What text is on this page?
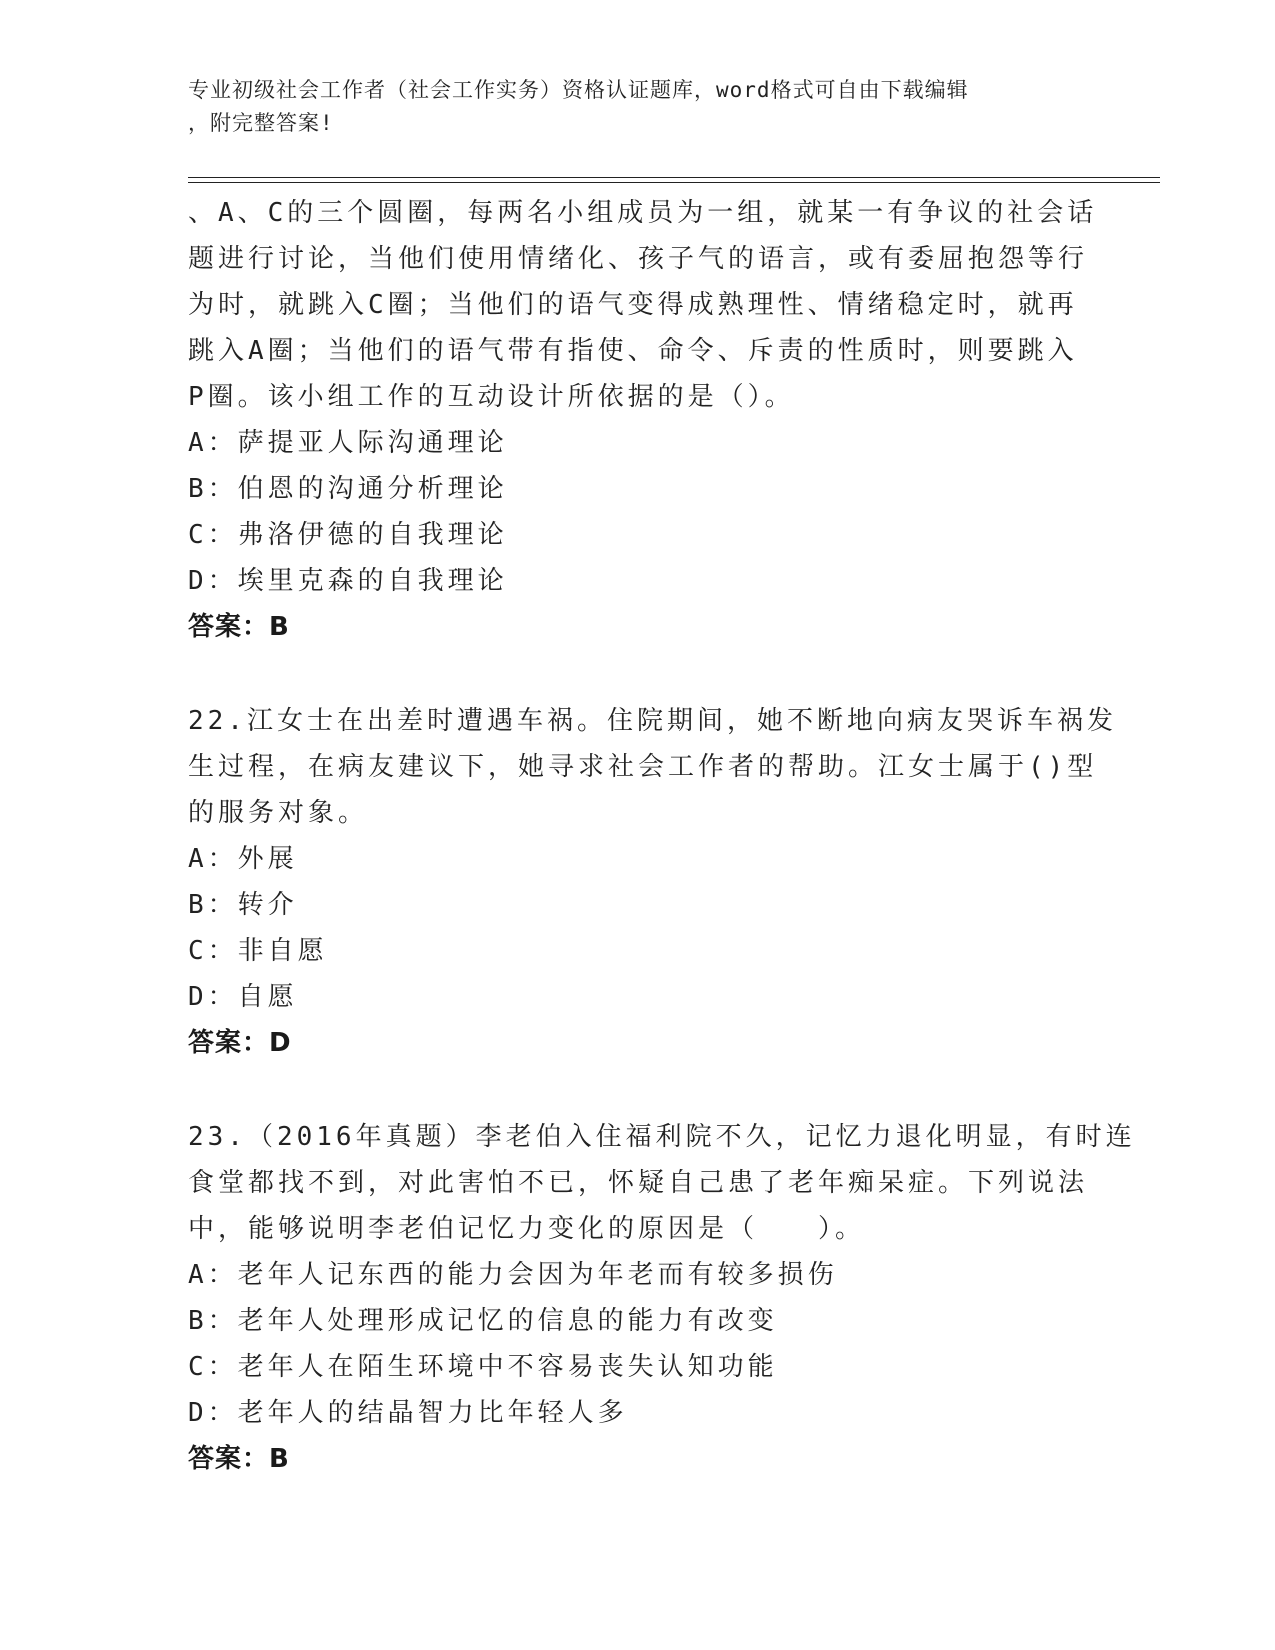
专业初级社会工作者（社会工作实务）资格认证题库，word格式可自由下载编辑
，附完整答案!
、A、C的三个圆圈，每两名小组成员为一组，就某一有争议的社会话
题进行讨论，当他们使用情绪化、孩子气的语言，或有委屈抱怨等行
为时，就跳入C圈；当他们的语气变得成熟理性、情绪稳定时，就再
跳入A圈；当他们的语气带有指使、命令、斥责的性质时，则要跳入
P圈。该小组工作的互动设计所依据的是（）。
A：萨提亚人际沟通理论
B：伯恩的沟通分析理论
C：弗洛伊德的自我理论
D：埃里克森的自我理论
答案：B
22.江女士在出差时遭遇车祸。住院期间，她不断地向病友哭诉车祸发
生过程，在病友建议下，她寻求社会工作者的帮助。江女士属于()型
的服务对象。
A：外展
B：转介
C：非自愿
D：自愿
答案：D
23.（2016年真题）李老伯入住福利院不久，记忆力退化明显，有时连
食堂都找不到，对此害怕不已，怀疑自己患了老年痴呆症。下列说法
中，能够说明李老伯记忆力变化的原因是（　　）。
A：老年人记东西的能力会因为年老而有较多损伤
B：老年人处理形成记忆的信息的能力有改变
C：老年人在陌生环境中不容易丧失认知功能
D：老年人的结晶智力比年轻人多
答案：B
